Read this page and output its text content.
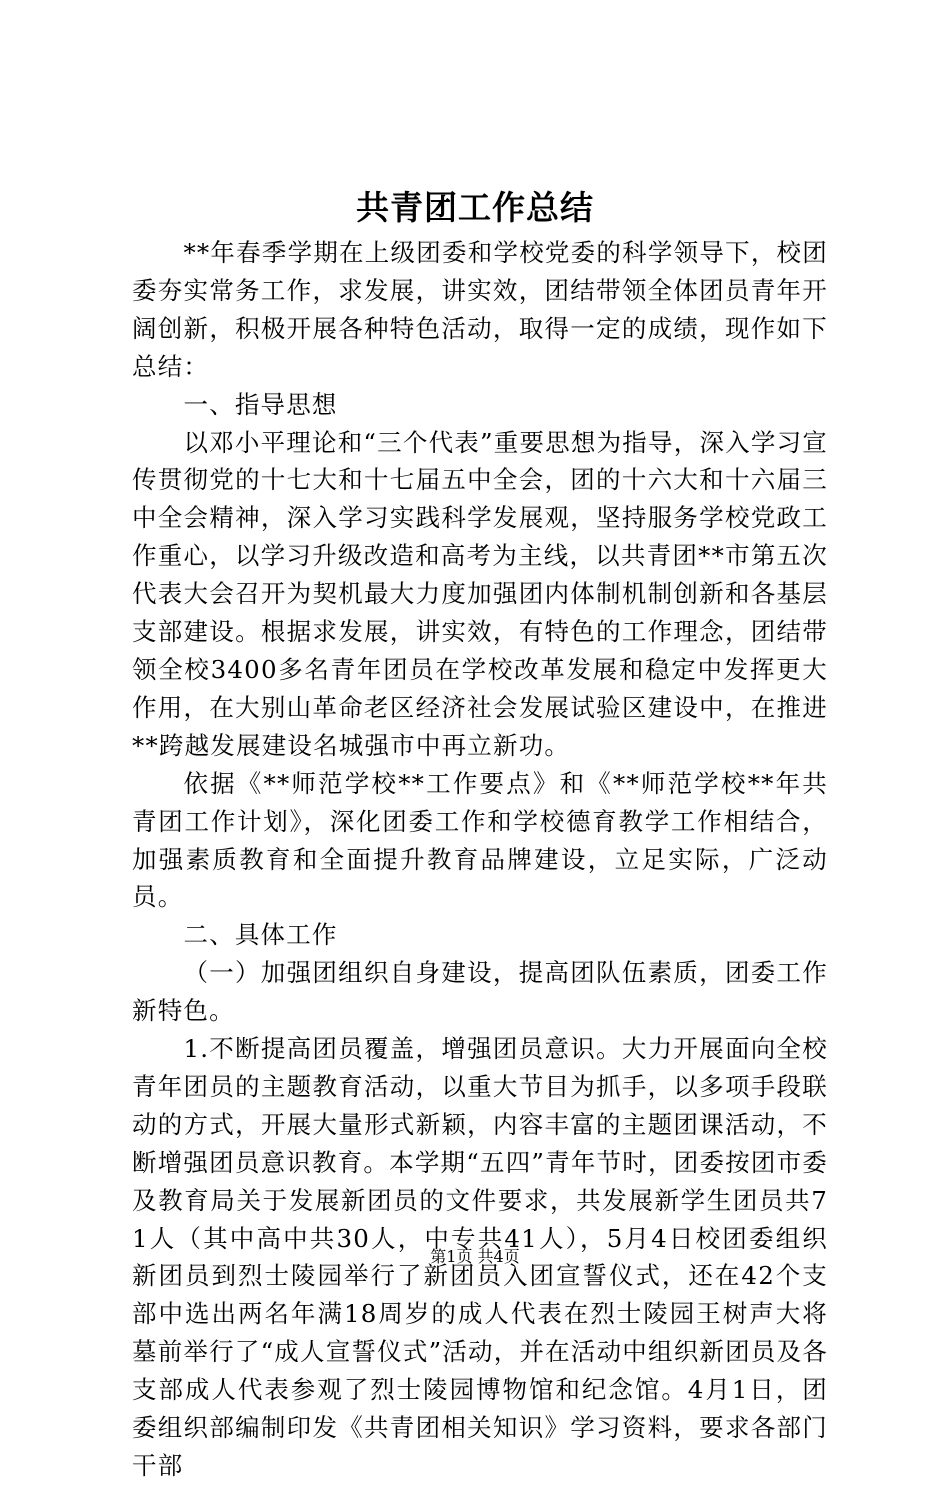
共青团工作总结

**年春季学期在上级团委和学校党委的科学领导下，校团委夯实常务工作，求发展，讲实效，团结带领全体团员青年开阔创新，积极开展各种特色活动，取得一定的成绩，现作如下总结：

一、指导思想

以邓小平理论和“三个代表”重要思想为指导，深入学习宣传贯彻党的十七大和十七届五中全会，团的十六大和十六届三中全会精神，深入学习实践科学发展观，坚持服务学校党政工作重心，以学习升级改造和高考为主线，以共青团**市第五次代表大会召开为契机最大力度加强团内体制机制创新和各基层支部建设。根据求发展，讲实效，有特色的工作理念，团结带领全校3400多名青年团员在学校改革发展和稳定中发挥更大作用，在大别山革命老区经济社会发展试验区建设中，在推进**跨越发展建设名城强市中再立新功。

依据《**师范学校**工作要点》和《**师范学校**年共青团工作计划》，深化团委工作和学校德育教学工作相结合，加强素质教育和全面提升教育品牌建设，立足实际，广泛动员。

二、具体工作

（一）加强团组织自身建设，提高团队伍素质，团委工作新特色。

1.不断提高团员覆盖，增强团员意识。大力开展面向全校青年团员的主题教育活动，以重大节目为抓手，以多项手段联动的方式，开展大量形式新颖，内容丰富的主题团课活动，不断增强团员意识教育。本学期“五四”青年节时，团委按团市委及教育局关于发展新团员的文件要求，共发展新学生团员共71人（其中高中共30人，中专共41人），5月4日校团委组织新团员到烈士陵园举行了新团员入团宣誓仪式，还在42个支部中选出两名年满18周岁的成人代表在烈士陵园王树声大将墓前举行了“成人宣誓仪式”活动，并在活动中组织新团员及各支部成人代表参观了烈士陵园博物馆和纪念馆。4月1日，团委组织部编制印发《共青团相关知识》学习资料，要求各部门干部

第1页 共4页
